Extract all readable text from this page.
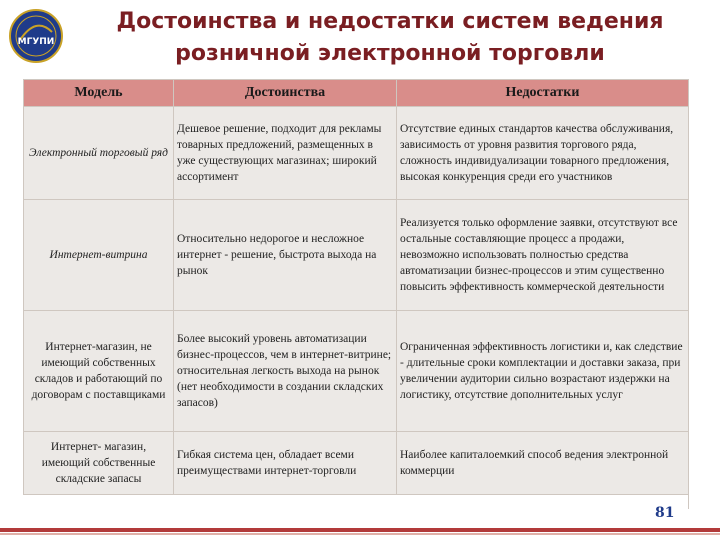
МГУПИ
Достоинства и недостатки систем ведения
розничной электронной торговли
Модель	Достоинства	Недостатки
Электронный торговый ряд	Дешевое решение, подходит для рекламы товарных предложений, размещенных в уже существующих магазинах; широкий ассортимент	Отсутствие единых стандартов качества обслуживания, зависимость от уровня развития торгового ряда, сложность индивидуализации товарного предложения, высокая конкуренция среди его участников
Интернет-витрина	Относительно недорогое и несложное интернет - решение, быстрота выхода на рынок	Реализуется только оформление заявки, отсутствуют все остальные составляющие процесс а продажи, невозможно использовать полностью средства автоматизации бизнес-процессов и этим существенно повысить эффективность коммерческой деятельности
Интернет-магазин, не имеющий собственных складов и работающий по договорам с поставщиками	Более высокий уровень автоматизации бизнес-процессов, чем в интернет-витрине; относительная легкость выхода на рынок (нет необходимости в создании складских запасов)	Ограниченная эффективность логистики и, как следствие - длительные сроки комплектации и доставки заказа, при увеличении аудитории сильно возрастают издержки на логистику, отсутствие дополнительных услуг
Интернет- магазин, имеющий собственные складские запасы	Гибкая система цен, обладает всеми преимуществами интернет-торговли	Наиболее капиталоемкий способ ведения электронной коммерции
81
